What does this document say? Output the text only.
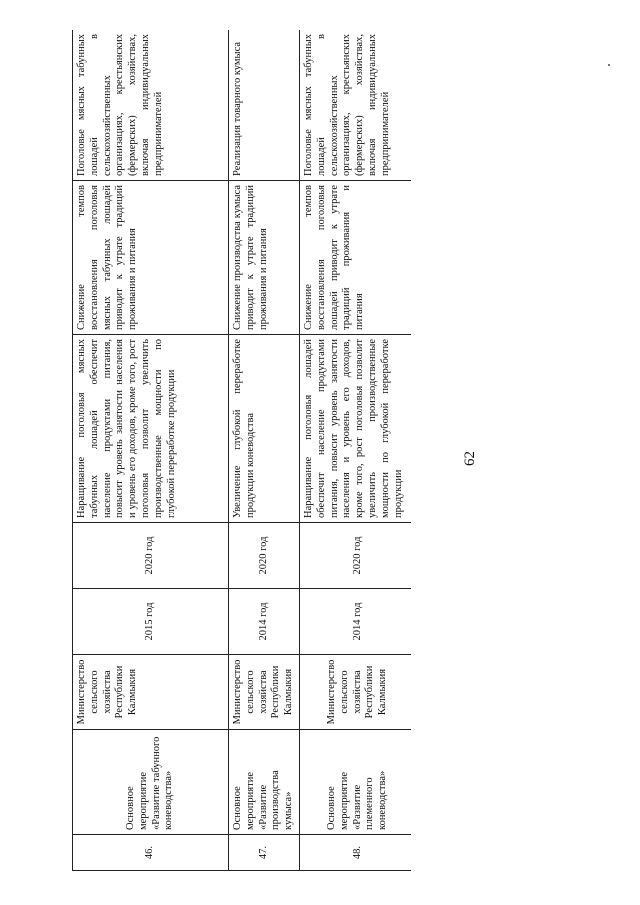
62
46.	Основное мероприятие «Развитие табунного коневодства»	Министерство сельского хозяйства Республики Калмыкия	2015 год	2020 год	Наращивание поголовья мясных табунных лошадей обеспечит население продуктами питания, повысит уровень занятости населения и уровень его доходов, кроме того, рост поголовья позволит увеличить производственные мощности по глубокой переработке продукции	Снижение темпов восстановления поголовья мясных табунных лошадей приводит к утрате традиций проживания и питания	Поголовье мясных табунных лошадей в сельскохозяйственных организациях, крестьянских (фермерских) хозяйствах, включая индивидуальных предпринимателей
47.	Основное мероприятие «Развитие производства кумыса»	Министерство сельского хозяйства Республики Калмыкия	2014 год	2020 год	Увеличение глубокой переработке продукции коневодства	Снижение производства кумыса приводит к утрате традиций проживания и питания	Реализация товарного кумыса
48.	Основное мероприятие «Развитие племенного коневодства»	Министерство сельского хозяйства Республики Калмыкия	2014 год	2020 год	Наращивание поголовья лошадей обеспечит население продуктами питания, повысит уровень занятости населения и уровень его доходов, кроме того, рост поголовья позволит увеличить производственные мощности по глубокой переработке продукции	Снижение темпов восстановления поголовья лошадей приводит к утрате традиций проживания и питания	Поголовье мясных табунных лошадей в сельскохозяйственных организациях, крестьянских (фермерских) хозяйствах, включая индивидуальных предпринимателей
